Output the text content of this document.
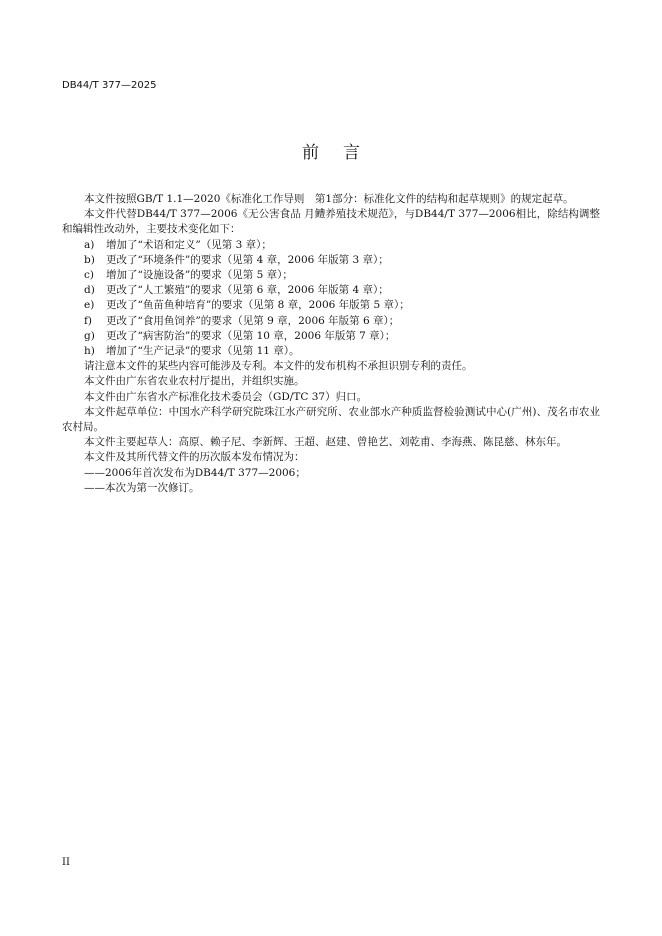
DB44/T 377—2025
前言

本文件按照GB/T 1.1—2020《标准化工作导则　第1部分：标准化文件的结构和起草规则》的规定起草。

本文件代替DB44/T 377—2006《无公害食品 月鳢养殖技术规范》，与DB44/T 377—2006相比，除结构调整和编辑性改动外，主要技术变化如下：

a)	增加了“术语和定义”（见第 3 章）；
b)	更改了“环境条件”的要求（见第 4 章，2006 年版第 3 章）；
c)	增加了“设施设备”的要求（见第 5 章）；
d)	更改了“人工繁殖”的要求（见第 6 章，2006 年版第 4 章）；
e)	更改了“鱼苗鱼种培育”的要求（见第 8 章，2006 年版第 5 章）；
f)	更改了“食用鱼饲养”的要求（见第 9 章，2006 年版第 6 章）；
g)	更改了“病害防治”的要求（见第 10 章，2006 年版第 7 章）；
h)	增加了“生产记录”的要求（见第 11 章）。

请注意本文件的某些内容可能涉及专利。本文件的发布机构不承担识别专利的责任。

本文件由广东省农业农村厅提出，并组织实施。

本文件由广东省水产标准化技术委员会（GD/TC 37）归口。

本文件起草单位：中国水产科学研究院珠江水产研究所、农业部水产种质监督检验测试中心(广州)、茂名市农业农村局。

本文件主要起草人：高原、赖子尼、李新辉、王超、赵建、曾艳艺、刘乾甫、李海燕、陈昆慈、林东年。

本文件及其所代替文件的历次版本发布情况为：

——2006年首次发布为DB44/T 377—2006；

——本次为第一次修订。

II
